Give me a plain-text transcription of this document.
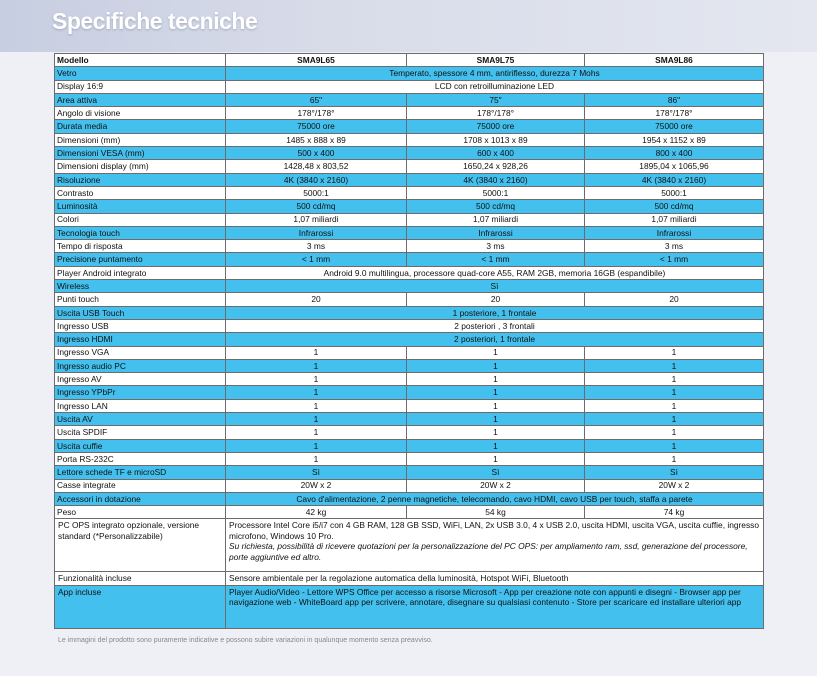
Specifiche tecniche
Modello	SMA9L65	SMA9L75	SMA9L86
Vetro	Temperato, spessore 4 mm, antiriflesso, durezza 7 Mohs		
Display 16:9	LCD con retroilluminazione LED		
Area attiva	65"	75"	86"
Angolo di visione	178°/178°	178°/178°	178°/178°
Durata media	75000 ore	75000 ore	75000 ore
Dimensioni (mm)	1485 x 888 x 89	1708 x 1013 x 89	1954 x 1152 x 89
Dimensioni VESA (mm)	500 x 400	600 x 400	800 x 400
Dimensioni display (mm)	1428,48 x 803,52	1650,24 x 928,26	1895,04 x 1065,96
Risoluzione	4K (3840 x 2160)	4K (3840 x 2160)	4K (3840 x 2160)
Contrasto	5000:1	5000:1	5000:1
Luminosità	500 cd/mq	500 cd/mq	500 cd/mq
Colori	1,07 miliardi	1,07 miliardi	1,07 miliardi
Tecnologia touch	Infrarossi	Infrarossi	Infrarossi
Tempo di risposta	3 ms	3 ms	3 ms
Precisione puntamento	< 1 mm	< 1 mm	< 1 mm
Player Android integrato	Android 9.0 multilingua, processore quad-core A55, RAM 2GB, memoria 16GB (espandibile)		
Wireless	Sì		
Punti touch	20	20	20
Uscita USB Touch	1 posteriore, 1 frontale		
Ingresso USB	2 posteriori , 3 frontali		
Ingresso HDMI	2 posteriori, 1 frontale		
Ingresso VGA	1	1	1
Ingresso audio PC	1	1	1
Ingresso AV	1	1	1
Ingresso YPbPr	1	1	1
Ingresso LAN	1	1	1
Uscita AV	1	1	1
Uscita SPDIF	1	1	1
Uscita cuffie	1	1	1
Porta RS-232C	1	1	1
Lettore schede TF e microSD	Sì	Sì	Sì
Casse integrate	20W x 2	20W x 2	20W x 2
Accessori in dotazione	Cavo d'alimentazione, 2 penne magnetiche, telecomando, cavo HDMI, cavo USB per touch, staffa a parete		
Peso	42 kg	54 kg	74 kg
PC OPS integrato opzionale, versione standard (*Personalizzabile)	Processore Intel Core i5/i7 con 4 GB RAM, 128 GB SSD, WiFi, LAN, 2x USB 3.0, 4 x USB 2.0, uscita HDMI, uscita VGA, uscita cuffie, ingresso microfono, Windows 10 Pro.
Su richiesta, possibilità di ricevere quotazioni per la personalizzazione del PC OPS: per ampliamento ram, ssd, generazione del processore, porte aggiuntive ed altro.		

Funzionalità incluse	Sensore ambientale per la regolazione automatica della luminosità, Hotspot WiFi, Bluetooth		
App incluse	Player Audio/Video - Lettore WPS Office per accesso a risorse Microsoft - App per creazione note con appunti e disegni - Browser app per navigazione web - WhiteBoard app per scrivere, annotare, disegnare su qualsiasi contenuto - Store per scaricare ed installare ulteriori app		

Le immagini del prodotto sono puramente indicative e possono subire variazioni in qualunque momento senza preavviso.
